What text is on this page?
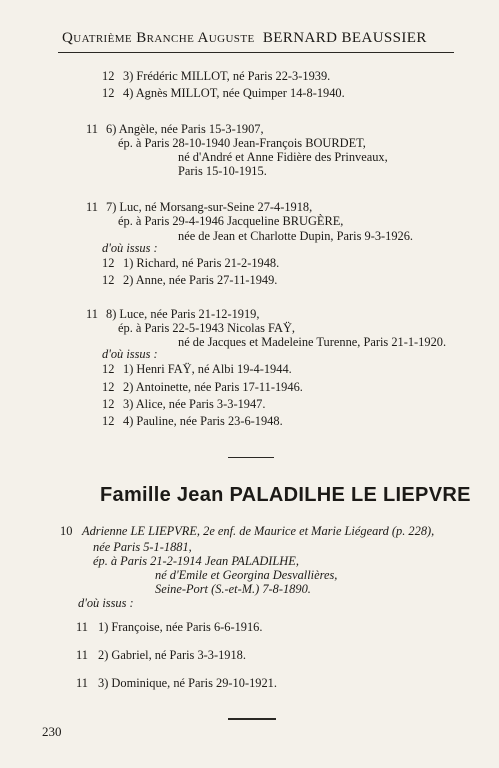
Quatrième Branche Auguste BERNARD BEAUSSIER
12 3) Frédéric MILLOT, né Paris 22-3-1939.
12 4) Agnès MILLOT, née Quimper 14-8-1940.
11 6) Angèle, née Paris 15-3-1907,
ép. à Paris 28-10-1940 Jean-François BOURDET,
né d'André et Anne Fidière des Prinveaux,
Paris 15-10-1915.
11 7) Luc, né Morsang-sur-Seine 27-4-1918,
ép. à Paris 29-4-1946 Jacqueline BRUGÈRE,
née de Jean et Charlotte Dupin, Paris 9-3-1926.
d'où issus :
12 1) Richard, né Paris 21-2-1948.
12 2) Anne, née Paris 27-11-1949.
11 8) Luce, née Paris 21-12-1919,
ép. à Paris 22-5-1943 Nicolas FAŸ,
né de Jacques et Madeleine Turenne, Paris 21-1-1920.
d'où issus :
12 1) Henri FAŸ, né Albi 19-4-1944.
12 2) Antoinette, née Paris 17-11-1946.
12 3) Alice, née Paris 3-3-1947.
12 4) Pauline, née Paris 23-6-1948.
Famille Jean PALADILHE LE LIEPVRE
10 Adrienne LE LIEPVRE, 2e enf. de Maurice et Marie Liégeard (p. 228),
née Paris 5-1-1881,
ép. à Paris 21-2-1914 Jean PALADILHE,
né d'Emile et Georgina Desvallières,
Seine-Port (S.-et-M.) 7-8-1890.
d'où issus :
11 1) Françoise, née Paris 6-6-1916.
11 2) Gabriel, né Paris 3-3-1918.
11 3) Dominique, né Paris 29-10-1921.
230
